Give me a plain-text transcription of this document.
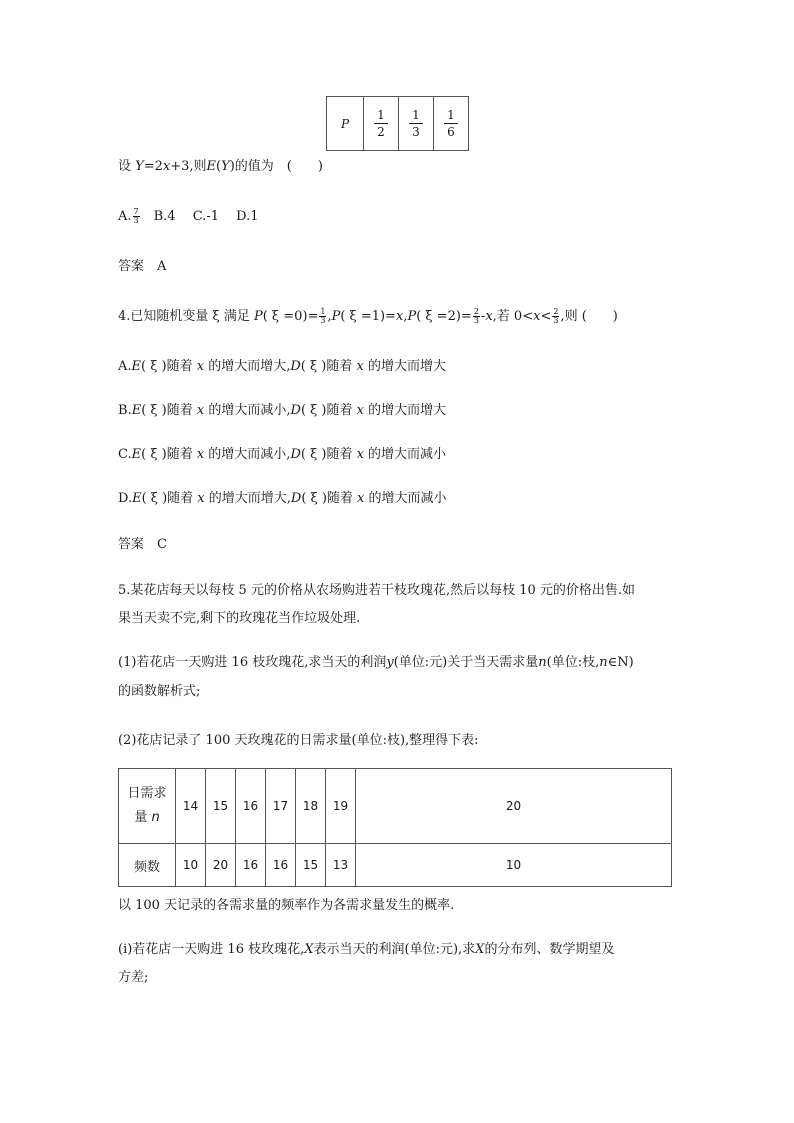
P	$\frac{1}{2}$	$\frac{1}{3}$	$\frac{1}{6}$
设 Y=2x+3,则E(Y)的值为　(　　)
A. $\frac{7}{3}$ 　B.4　 C.-1　 D.1
答案　A
4.已知随机变量 ξ 满足 P( $\xi =0)= \frac{1}{3} ,P$( ξ =1)=x,P( $\xi =2)= \frac{2}{3} -x$,若 $0<x< \frac{2}{3}$ ,则 (　　)
A.E( ξ )随着 x 的增大而增大,D( ξ )随着 x 的增大而增大
B.E( ξ )随着 x 的增大而减小,D( ξ )随着 x 的增大而增大
C.E( ξ )随着 x 的增大而减小,D( ξ )随着 x 的增大而减小
D.E( ξ )随着 x 的增大而增大,D( ξ )随着 x 的增大而减小
答案　C
5.某花店每天以每枝 5 元的价格从农场购进若干枝玫瑰花,然后以每枝 10 元的价格出售.如
果当天卖不完,剩下的玫瑰花当作垃圾处理.
(1)若花店一天购进 16 枝玫瑰花,求当天的利润y(单位:元)关于当天需求量n(单位:枝,n∈N)
的函数解析式;
(2)花店记录了 100 天玫瑰花的日需求量(单位:枝),整理得下表:
日需求
量 n	14	15	16	17	18	19	20
频数	10	20	16	16	15	13	10
以 100 天记录的各需求量的频率作为各需求量发生的概率.
(i)若花店一天购进 16 枝玫瑰花,X表示当天的利润(单位:元),求X的分布列、数学期望及
方差;
